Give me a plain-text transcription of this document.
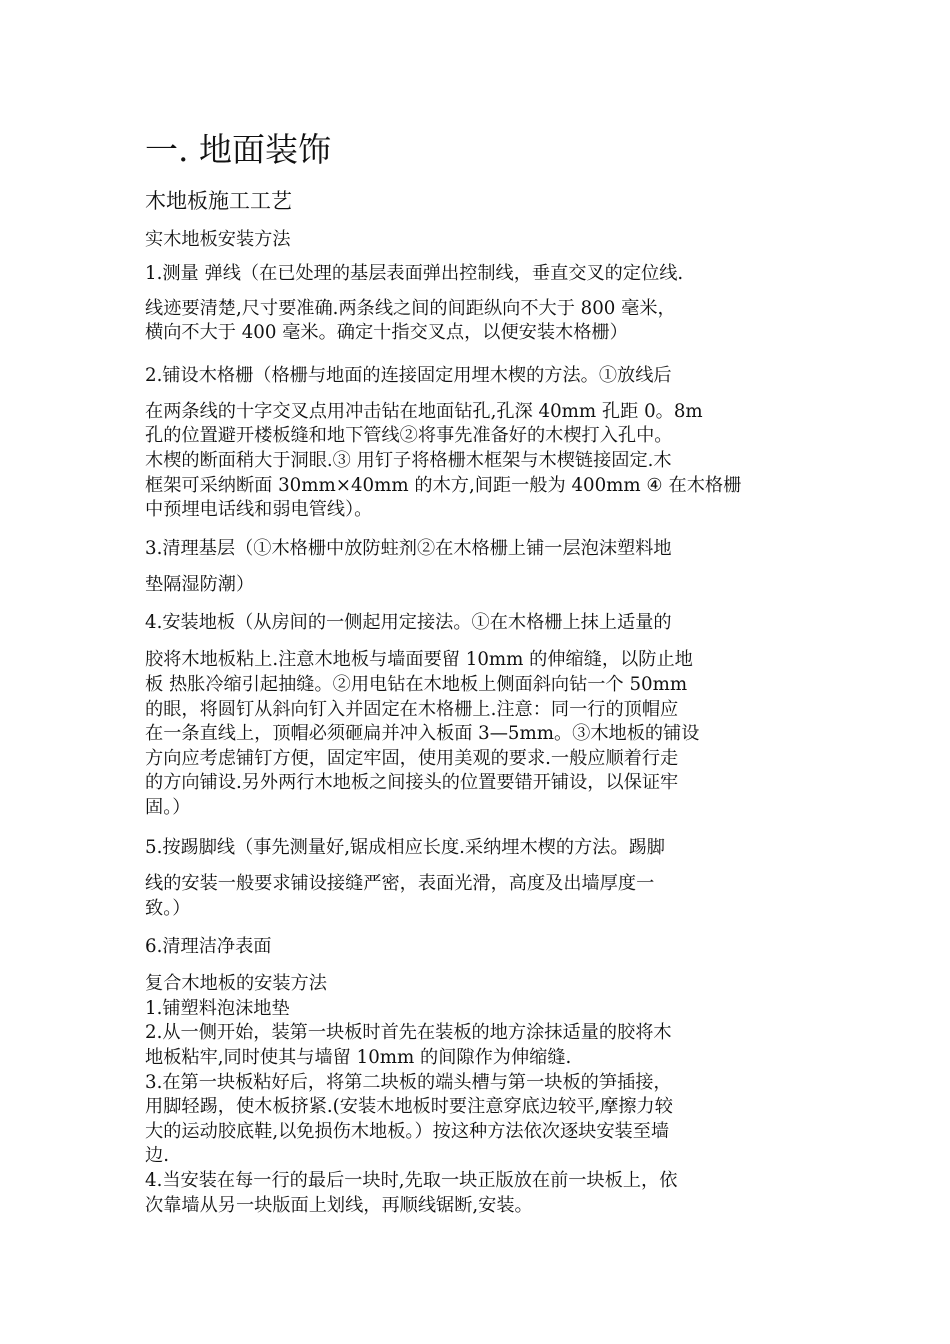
一. 地面装饰
木地板施工工艺
实木地板安装方法
1.测量 弹线（在已处理的基层表面弹出控制线，垂直交叉的定位线.
线迹要清楚,尺寸要准确.两条线之间的间距纵向不大于 800 毫米，
横向不大于 400 毫米。确定十指交叉点，以便安装木格栅）
2.铺设木格栅（格栅与地面的连接固定用埋木楔的方法。①放线后
在两条线的十字交叉点用冲击钻在地面钻孔,孔深 40mm 孔距 0。8m
孔的位置避开楼板缝和地下管线②将事先准备好的木楔打入孔中。
木楔的断面稍大于洞眼.③ 用钉子将格栅木框架与木楔链接固定.木
框架可采纳断面 30mm×40mm 的木方,间距一般为 400mm ④ 在木格栅
中预埋电话线和弱电管线）。
3.清理基层（①木格栅中放防蛀剂②在木格栅上铺一层泡沫塑料地
垫隔湿防潮）
4.安装地板（从房间的一侧起用定接法。①在木格栅上抹上适量的
胶将木地板粘上.注意木地板与墙面要留 10mm 的伸缩缝，以防止地
板 热胀冷缩引起抽缝。②用电钻在木地板上侧面斜向钻一个 50mm
的眼，将圆钉从斜向钉入并固定在木格栅上.注意：同一行的顶帽应
在一条直线上，顶帽必须砸扁并冲入板面 3—5mm。③木地板的铺设
方向应考虑铺钉方便，固定牢固，使用美观的要求.一般应顺着行走
的方向铺设.另外两行木地板之间接头的位置要错开铺设，以保证牢
固。）
5.按踢脚线（事先测量好,锯成相应长度.采纳埋木楔的方法。踢脚
线的安装一般要求铺设接缝严密，表面光滑，高度及出墙厚度一
致。）
6.清理洁净表面
复合木地板的安装方法
1.铺塑料泡沫地垫
2.从一侧开始，装第一块板时首先在装板的地方涂抹适量的胶将木
地板粘牢,同时使其与墙留 10mm 的间隙作为伸缩缝.
3.在第一块板粘好后，将第二块板的端头槽与第一块板的笋插接，
用脚轻踢，使木板挤紧.(安装木地板时要注意穿底边较平,摩擦力较
大的运动胶底鞋,以免损伤木地板。）按这种方法依次逐块安装至墙
边.
4.当安装在每一行的最后一块时,先取一块正版放在前一块板上，依
次靠墙从另一块版面上划线，再顺线锯断,安装。
